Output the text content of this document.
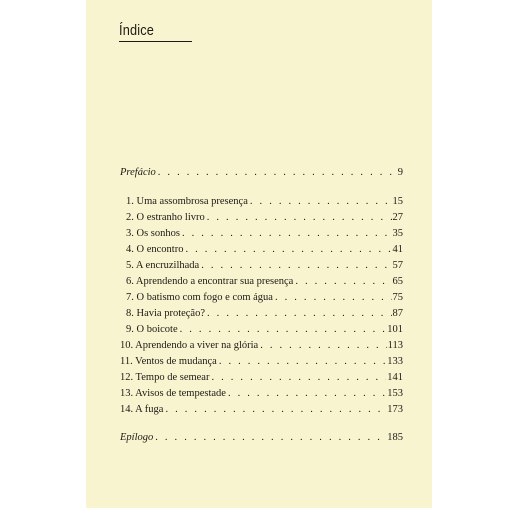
Índice
Prefácio . . .	9
1. Uma assombrosa presença . . .	15
2. O estranho livro . . .	27
3. Os sonhos . . .	35
4. O encontro . . .	41
5. A encruzilhada . . .	57
6. Aprendendo a encontrar sua presença . . .	65
7. O batismo com fogo e com água . . .	75
8. Havia proteção? . . .	87
9. O boicote . . .	101
10. Aprendendo a viver na glória . . .	113
11. Ventos de mudança . . .	133
12. Tempo de semear . . .	141
13. Avisos de tempestade . . .	153
14. A fuga . . .	173
Epílogo . . .	185
